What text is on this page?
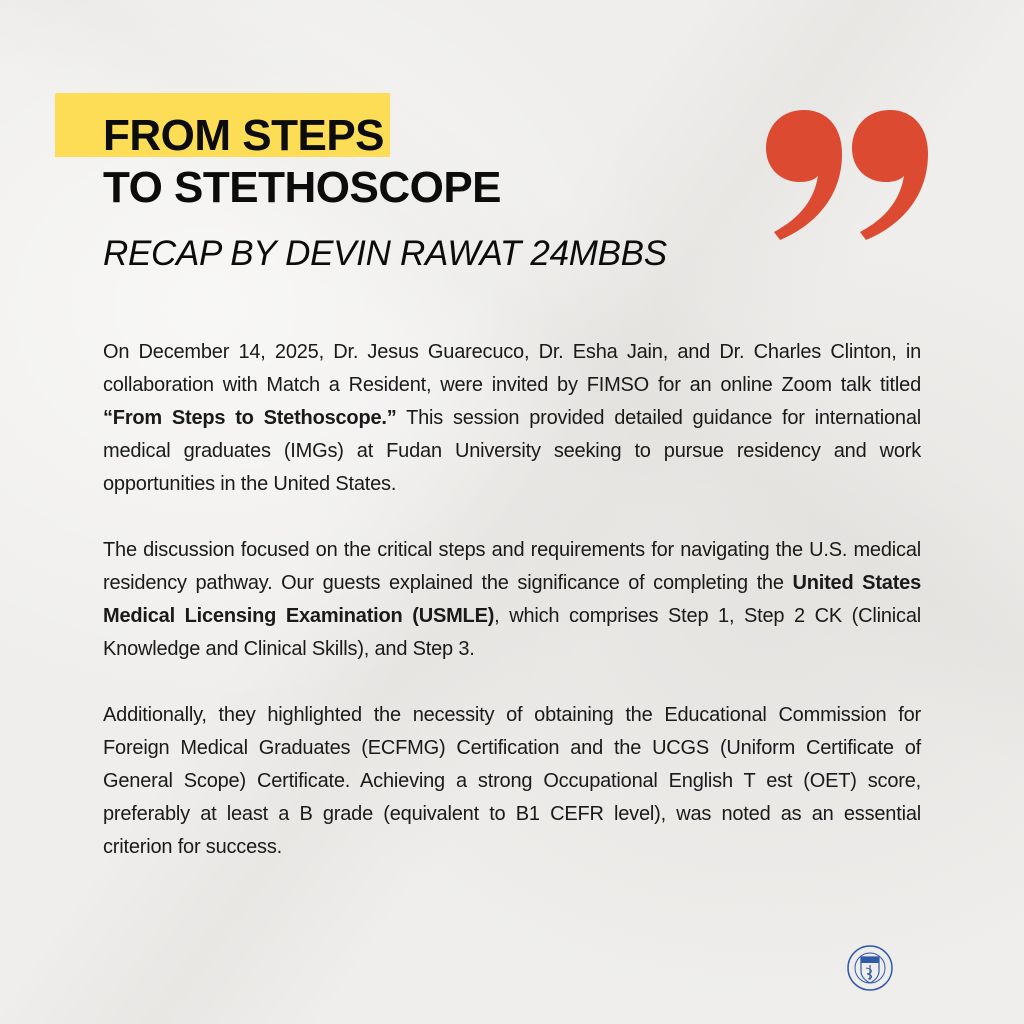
FROM STEPS
TO STETHOSCOPE
RECAP BY DEVIN RAWAT 24MBBS

On December 14, 2025, Dr. Jesus Guarecuco, Dr. Esha Jain, and Dr. Charles Clinton, in collaboration with Match a Resident, were invited by FIMSO for an online Zoom talk titled “From Steps to Stethoscope.” This session provided detailed guidance for international medical graduates (IMGs) at Fudan University seeking to pursue residency and work opportunities in the United States.

The discussion focused on the critical steps and requirements for navigating the U.S. medical residency pathway. Our guests explained the significance of completing the United States Medical Licensing Examination (USMLE), which comprises Step 1, Step 2 CK (Clinical Knowledge and Clinical Skills), and Step 3.

Additionally, they highlighted the necessity of obtaining the Educational Commission for Foreign Medical Graduates (ECFMG) Certification and the UCGS (Uniform Certificate of General Scope) Certificate. Achieving a strong Occupational English T est (OET) score, preferably at least a B grade (equivalent to B1 CEFR level), was noted as an essential criterion for success.
